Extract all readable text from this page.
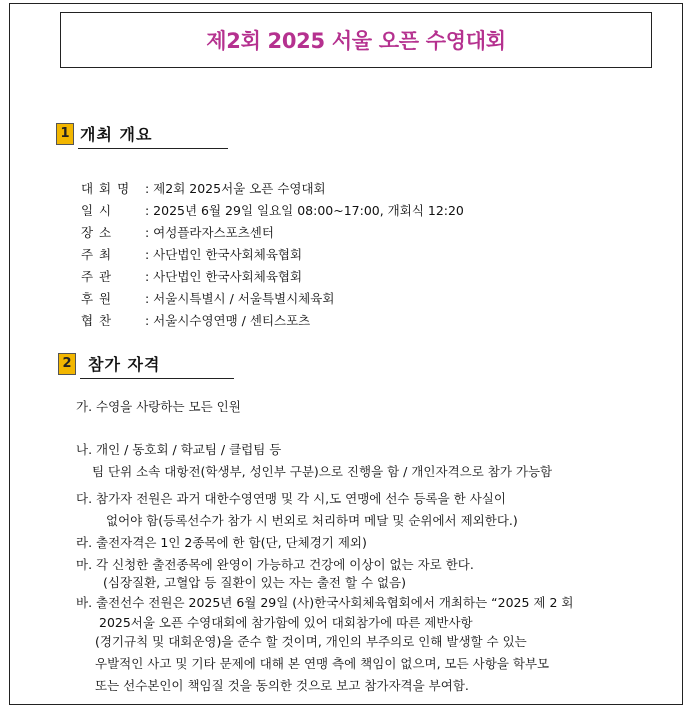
제2회 2025 서울 오픈 수영대회
1 개최 개요
대 회 명 : 제2회 2025서울 오픈 수영대회
일 시	: 2025년 6월 29일 일요일 08:00~17:00, 개회식 12:20
장 소	: 여성플라자스포츠센터
주 최	: 사단법인 한국사회체육협회
주 관	: 사단법인 한국사회체육협회
후 원	: 서울시특별시 / 서울특별시체육회
협 찬	: 서울시수영연맹 / 센티스포츠
2 참가 자격
가. 수영을 사랑하는 모든 인원
나. 개인 / 동호회 / 학교팀 / 클럽팀 등
팀 단위 소속 대항전(학생부, 성인부 구분)으로 진행을 함 / 개인자격으로 참가 가능함
다. 참가자 전원은 과거 대한수영연맹 및 각 시,도 연맹에 선수 등록을 한 사실이
없어야 함(등록선수가 참가 시 번외로 처리하며 메달 및 순위에서 제외한다.)
라. 출전자격은 1인 2종목에 한 함(단, 단체경기 제외)
마. 각 신청한 출전종목에 완영이 가능하고 건강에 이상이 없는 자로 한다.
(심장질환, 고혈압 등 질환이 있는 자는 출전 할 수 없음)
바. 출전선수 전원은 2025년 6월 29일 (사)한국사회체육협회에서 개최하는 “2025 제 2 회
2025서울 오픈 수영대회에 참가함에 있어 대회참가에 따른 제반사항
(경기규칙 및 대회운영)을 준수 할 것이며, 개인의 부주의로 인해 발생할 수 있는
우발적인 사고 및 기타 문제에 대해 본 연맹 측에 책임이 없으며, 모든 사항을 학부모
또는 선수본인이 책임질 것을 동의한 것으로 보고 참가자격을 부여함.
